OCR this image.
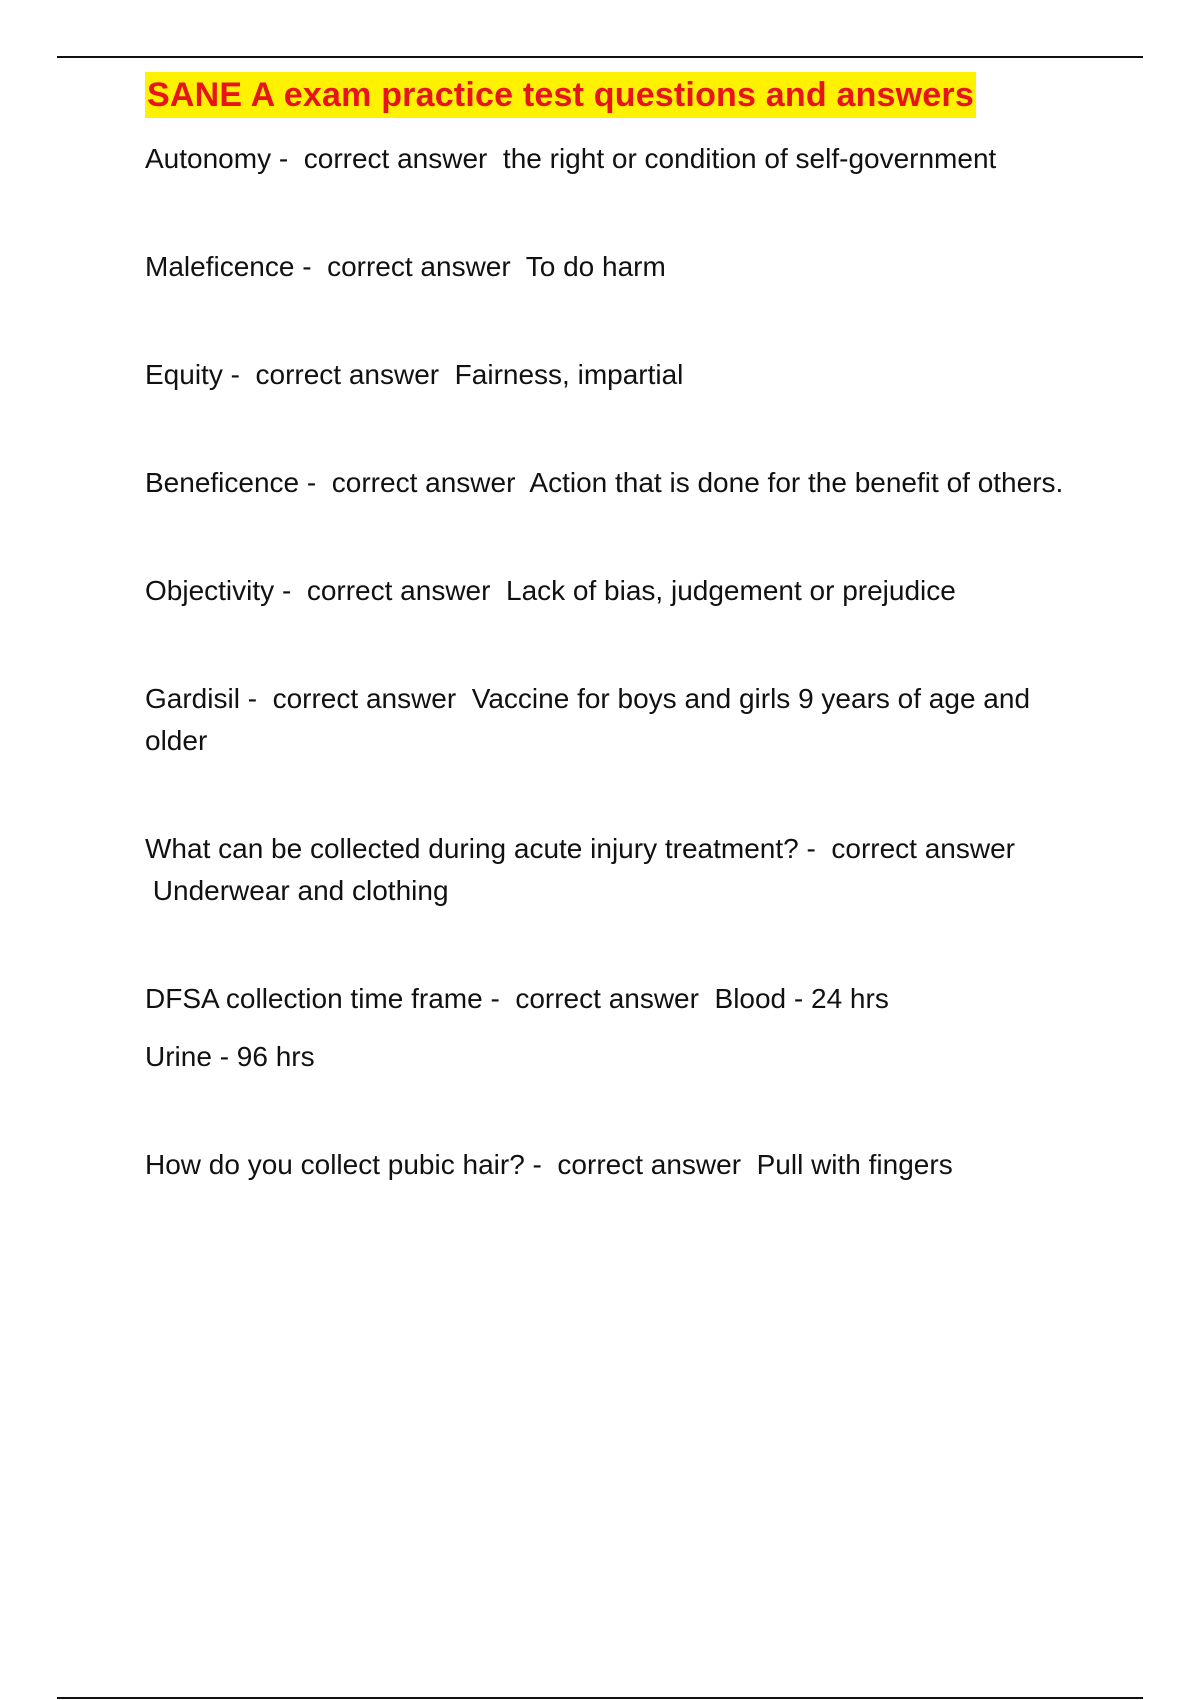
SANE A exam practice test questions and answers

Autonomy -  correct answer  the right or condition of self-government

Maleficence -  correct answer  To do harm

Equity -  correct answer  Fairness, impartial

Beneficence -  correct answer  Action that is done for the benefit of others.

Objectivity -  correct answer  Lack of bias, judgement or prejudice

Gardisil -  correct answer  Vaccine for boys and girls 9 years of age and older

What can be collected during acute injury treatment? -  correct answer  Underwear and clothing

DFSA collection time frame -  correct answer  Blood - 24 hrs

Urine - 96 hrs

How do you collect pubic hair? -  correct answer  Pull with fingers
